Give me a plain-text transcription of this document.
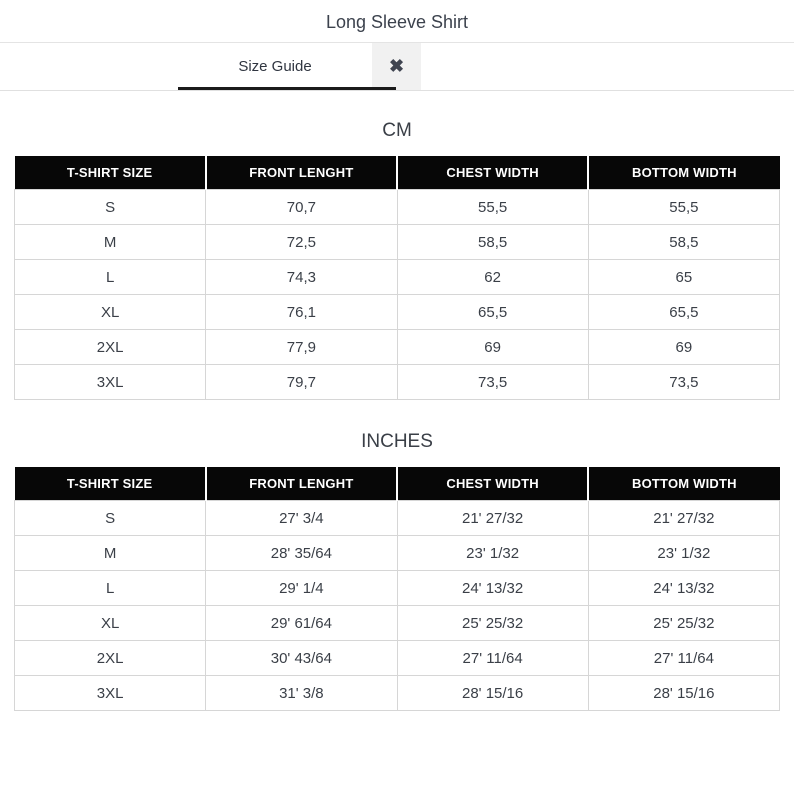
Long Sleeve Shirt
Size Guide	✖
CM
T-SHIRT SIZE	FRONT LENGHT	CHEST WIDTH	BOTTOM WIDTH
S	70,7	55,5	55,5
M	72,5	58,5	58,5
L	74,3	62	65
XL	76,1	65,5	65,5
2XL	77,9	69	69
3XL	79,7	73,5	73,5
INCHES
T-SHIRT SIZE	FRONT LENGHT	CHEST WIDTH	BOTTOM WIDTH
S	27' 3/4	21' 27/32	21' 27/32
M	28' 35/64	23' 1/32	23' 1/32
L	29' 1/4	24' 13/32	24' 13/32
XL	29' 61/64	25' 25/32	25' 25/32
2XL	30' 43/64	27' 11/64	27' 11/64
3XL	31' 3/8	28' 15/16	28' 15/16
